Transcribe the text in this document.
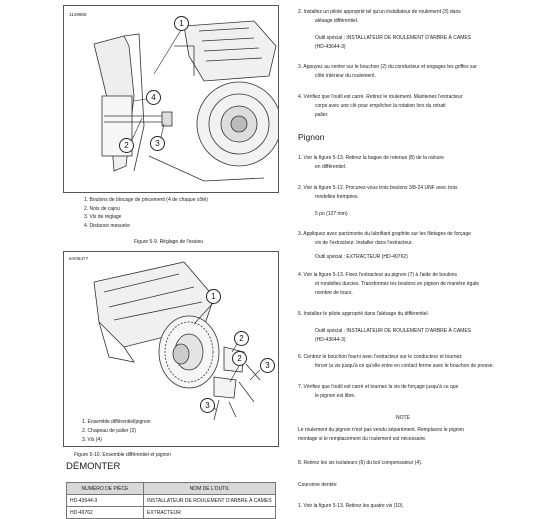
1149965
1
4
2	3
1. Boulons de blocage de pincement (4 de chaque côté)
2. Noix de cajou
3. Vis de réglage
4. Distance mesurée
Figure 5-9. Réglage de l'essieu
em06477
1
2
2
3
3
1. Ensemble différentiel/pignon
2. Chapeau de palier (2)
3. Vis (4)
Figure 5-10. Ensemble différentiel et pignon
DÉMONTER
NUMÉRO DE PIÈCE	NOM DE L'OUTIL
HD-43644-3	INSTALLATEUR DE ROULEMENT D'ARBRE À CAMES
HD-49762	EXTRACTEUR
2. Installez un pilote approprié tel qu'un installateur de roulement (3) dans
alésage différentiel.
Outil spécial : INSTALLATEUR DE ROULEMENT D'ARBRE À CAMES
(HD-43644-3)
3. Appuyez au centre sur le bouchon (2) du conducteur et engagez les griffes sur
côté intérieur du roulement.
4. Vérifiez que l'outil est carré. Retirez le roulement. Maintenez l'extracteur
corps avec une clé pour empêcher la rotation lors du retrait
palier.
Pignon
1. Voir la figure 5-13. Retirez la bague de retenue (8) de la rainure
en différentiel.
2. Voir la figure 5-12. Procurez-vous trois boulons 3/8-24 UNF avec trois
rondelles trempées.
5 po (127 mm)
3. Appliquez avec parcimonie du lubrifiant graphite sur les filetages de forçage
vis de l'extracteur. Installer dans l'extracteur.
Outil spécial : EXTRACTEUR (HD-49762)
4. Voir la figure 5-13. Fixez l'extracteur au pignon (7) à l'aide de boulons
et rondelles durcies. Transformez les boulons en pignon de manière égale
nombre de tours.
5. Installez le pilote approprié dans l'alésage du différentiel.
Outil spécial : INSTALLATEUR DE ROULEMENT D'ARBRE À CAMES
(HD-43644-3)
6. Centrez le bouchon fourni avec l'extracteur sur le conducteur et tournez
forcer la vis jusqu'à ce qu'elle entre en contact ferme avec le bouchon de presse.
7. Vérifiez que l'outil est carré et tournez la vis de forçage jusqu'à ce que
le pignon est libre.
NOTE
Le roulement du pignon n'est pas vendu séparément. Remplacez le pignon
montage si le remplacement du roulement est nécessaire.
8. Retirez les six isolateurs (6) du boî compensateur (4).
Couronne dentée
1. Voir la figure 5-13. Retirez les quatre vis (10).
